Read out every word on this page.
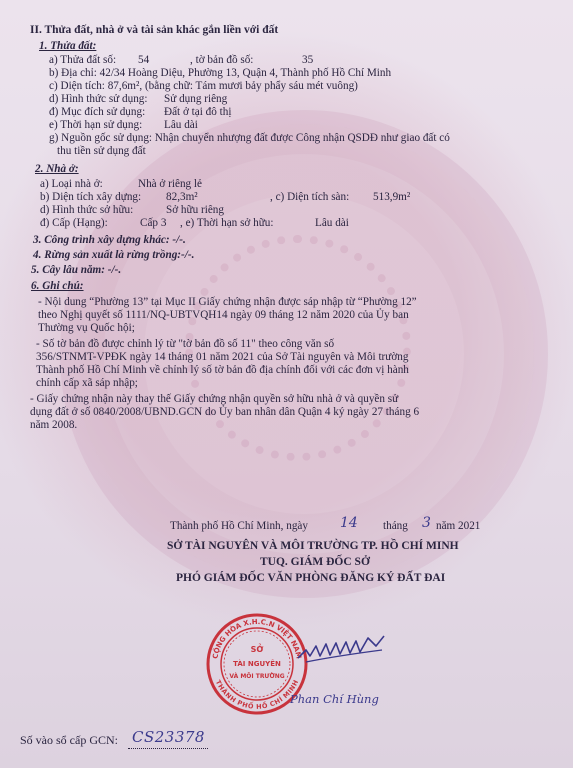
II. Thửa đất, nhà ở và tài sản khác gắn liền với đất
1. Thửa đất:
a) Thửa đất số: 54	, tờ bản đồ số:	35
b) Địa chỉ: 42/34 Hoàng Diệu, Phường 13, Quận 4, Thành phố Hồ Chí Minh
c) Diện tích: 87,6m², (bằng chữ: Tám mươi bảy phẩy sáu mét vuông)
d) Hình thức sử dụng: Sử dụng riêng
đ) Mục đích sử dụng: Đất ở tại đô thị
e) Thời hạn sử dụng: Lâu dài
g) Nguồn gốc sử dụng: Nhận chuyển nhượng đất được Công nhận QSDĐ như giao đất có
thu tiền sử dụng đất
2. Nhà ở:
a) Loại nhà ở:	Nhà ở riêng lẻ
b) Diện tích xây dựng: 82,3m²	, c) Diện tích sàn: 513,9m²
d) Hình thức sở hữu:	Sở hữu riêng
đ) Cấp (Hạng):	Cấp 3 , e) Thời hạn sở hữu:	Lâu dài
3. Công trình xây dựng khác: -/-.
4. Rừng sản xuất là rừng trồng:-/-.
5. Cây lâu năm: -/-.
6. Ghi chú:
- Nội dung “Phường 13” tại Mục II Giấy chứng nhận được sáp nhập từ “Phường 12”
theo Nghị quyết số 1111/NQ-UBTVQH14 ngày 09 tháng 12 năm 2020 của Ủy ban
Thường vụ Quốc hội;
- Số tờ bản đồ được chỉnh lý từ "tờ bản đồ số 11" theo công văn số
356/STNMT-VPĐK ngày 14 tháng 01 năm 2021 của Sở Tài nguyên và Môi trường
Thành phố Hồ Chí Minh về chỉnh lý số tờ bản đồ địa chính đối với các đơn vị hành
chính cấp xã sáp nhập;
- Giấy chứng nhận này thay thế Giấy chứng nhận quyền sở hữu nhà ở và quyền sử
dụng đất ở số 0840/2008/UBND.GCN do Ủy ban nhân dân Quận 4 ký ngày 27 tháng 6
năm 2008.
Thành phố Hồ Chí Minh, ngày 14 tháng 3 năm 2021
SỞ TÀI NGUYÊN VÀ MÔI TRƯỜNG TP. HỒ CHÍ MINH
TUQ. GIÁM ĐỐC SỞ
PHÓ GIÁM ĐỐC VĂN PHÒNG ĐĂNG KÝ ĐẤT ĐAI
CỘNG HÒA X.H.C.N VIỆT NAM
THÀNH PHỐ HỒ CHÍ MINH
SỞ
TÀI NGUYÊN
VÀ MÔI TRƯỜNG
Phan Chí Hùng
Số vào sổ cấp GCN: CS23378
